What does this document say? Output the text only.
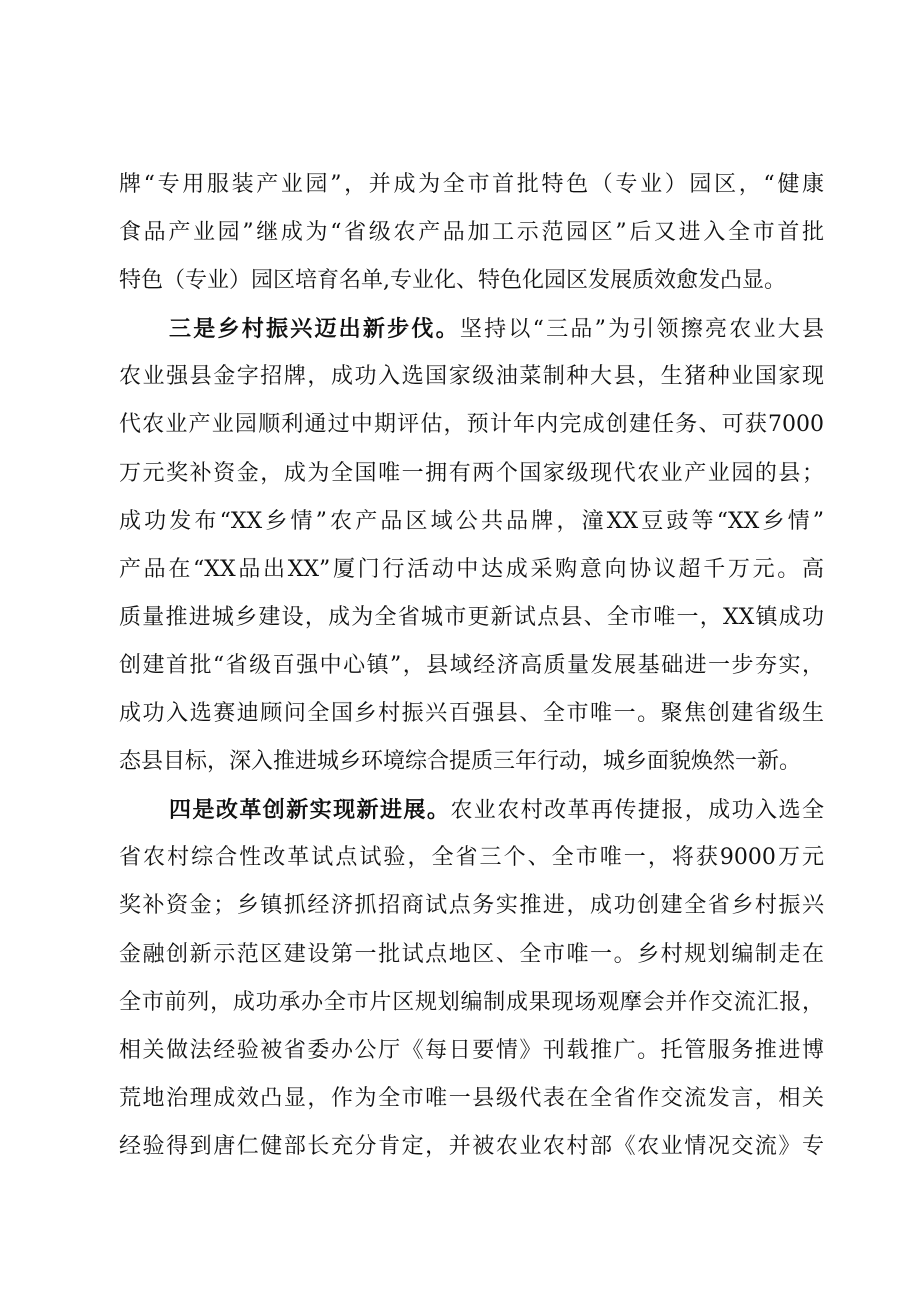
牌“专用服装产业园”，并成为全市首批特色（专业）园区，“健康
食品产业园”继成为“省级农产品加工示范园区”后又进入全市首批
特色（专业）园区培育名单,专业化、特色化园区发展质效愈发凸显。
三是乡村振兴迈出新步伐。坚持以“三品”为引领擦亮农业大县
农业强县金字招牌，成功入选国家级油菜制种大县，生猪种业国家现
代农业产业园顺利通过中期评估，预计年内完成创建任务、可获7000
万元奖补资金，成为全国唯一拥有两个国家级现代农业产业园的县；
成功发布“XX乡情”农产品区域公共品牌，潼XX豆豉等“XX乡情”
产品在“XX品出XX”厦门行活动中达成采购意向协议超千万元。高
质量推进城乡建设，成为全省城市更新试点县、全市唯一，XX镇成功
创建首批“省级百强中心镇”，县域经济高质量发展基础进一步夯实，
成功入选赛迪顾问全国乡村振兴百强县、全市唯一。聚焦创建省级生
态县目标，深入推进城乡环境综合提质三年行动，城乡面貌焕然一新。
四是改革创新实现新进展。农业农村改革再传捷报，成功入选全
省农村综合性改革试点试验，全省三个、全市唯一，将获9000万元
奖补资金；乡镇抓经济抓招商试点务实推进，成功创建全省乡村振兴
金融创新示范区建设第一批试点地区、全市唯一。乡村规划编制走在
全市前列，成功承办全市片区规划编制成果现场观摩会并作交流汇报，
相关做法经验被省委办公厅《每日要情》刊载推广。托管服务推进博
荒地治理成效凸显，作为全市唯一县级代表在全省作交流发言，相关
经验得到唐仁健部长充分肯定，并被农业农村部《农业情况交流》专
